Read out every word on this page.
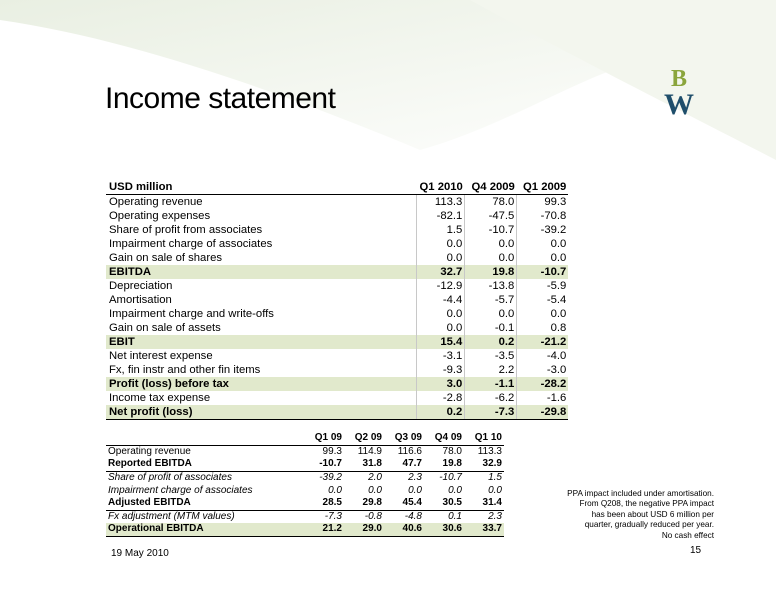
Income statement
B
W
USD million		Q1 2010	Q4 2009	Q1 2009
Operating revenue		113.3	78.0	99.3
Operating expenses		-82.1	-47.5	-70.8
Share of profit from associates		1.5	-10.7	-39.2
Impairment charge of associates		0.0	0.0	0.0
Gain on sale of shares		0.0	0.0	0.0
EBITDA		32.7	19.8	-10.7
Depreciation		-12.9	-13.8	-5.9
Amortisation		-4.4	-5.7	-5.4
Impairment charge and write-offs		0.0	0.0	0.0
Gain on sale of assets		0.0	-0.1	0.8
EBIT		15.4	0.2	-21.2
Net interest expense		-3.1	-3.5	-4.0
Fx, fin instr and other fin items		-9.3	2.2	-3.0
Profit (loss) before tax		3.0	-1.1	-28.2
Income tax expense		-2.8	-6.2	-1.6
Net profit (loss)		0.2	-7.3	-29.8
	Q1 09	Q2 09	Q3 09	Q4 09	Q1 10
Operating revenue	99.3	114.9	116.6	78.0	113.3
Reported EBITDA	-10.7	31.8	47.7	19.8	32.9
Share of profit of associates	-39.2	2.0	2.3	-10.7	1.5
Impairment charge of associates	0.0	0.0	0.0	0.0	0.0
Adjusted EBITDA	28.5	29.8	45.4	30.5	31.4
Fx adjustment (MTM values)	-7.3	-0.8	-4.8	0.1	2.3
Operational EBITDA	21.2	29.0	40.6	30.6	33.7
PPA impact included under amortisation.
From Q208, the negative PPA impact
has been about USD 6 million per
quarter, gradually reduced per year.
No cash effect
19 May 2010	15
